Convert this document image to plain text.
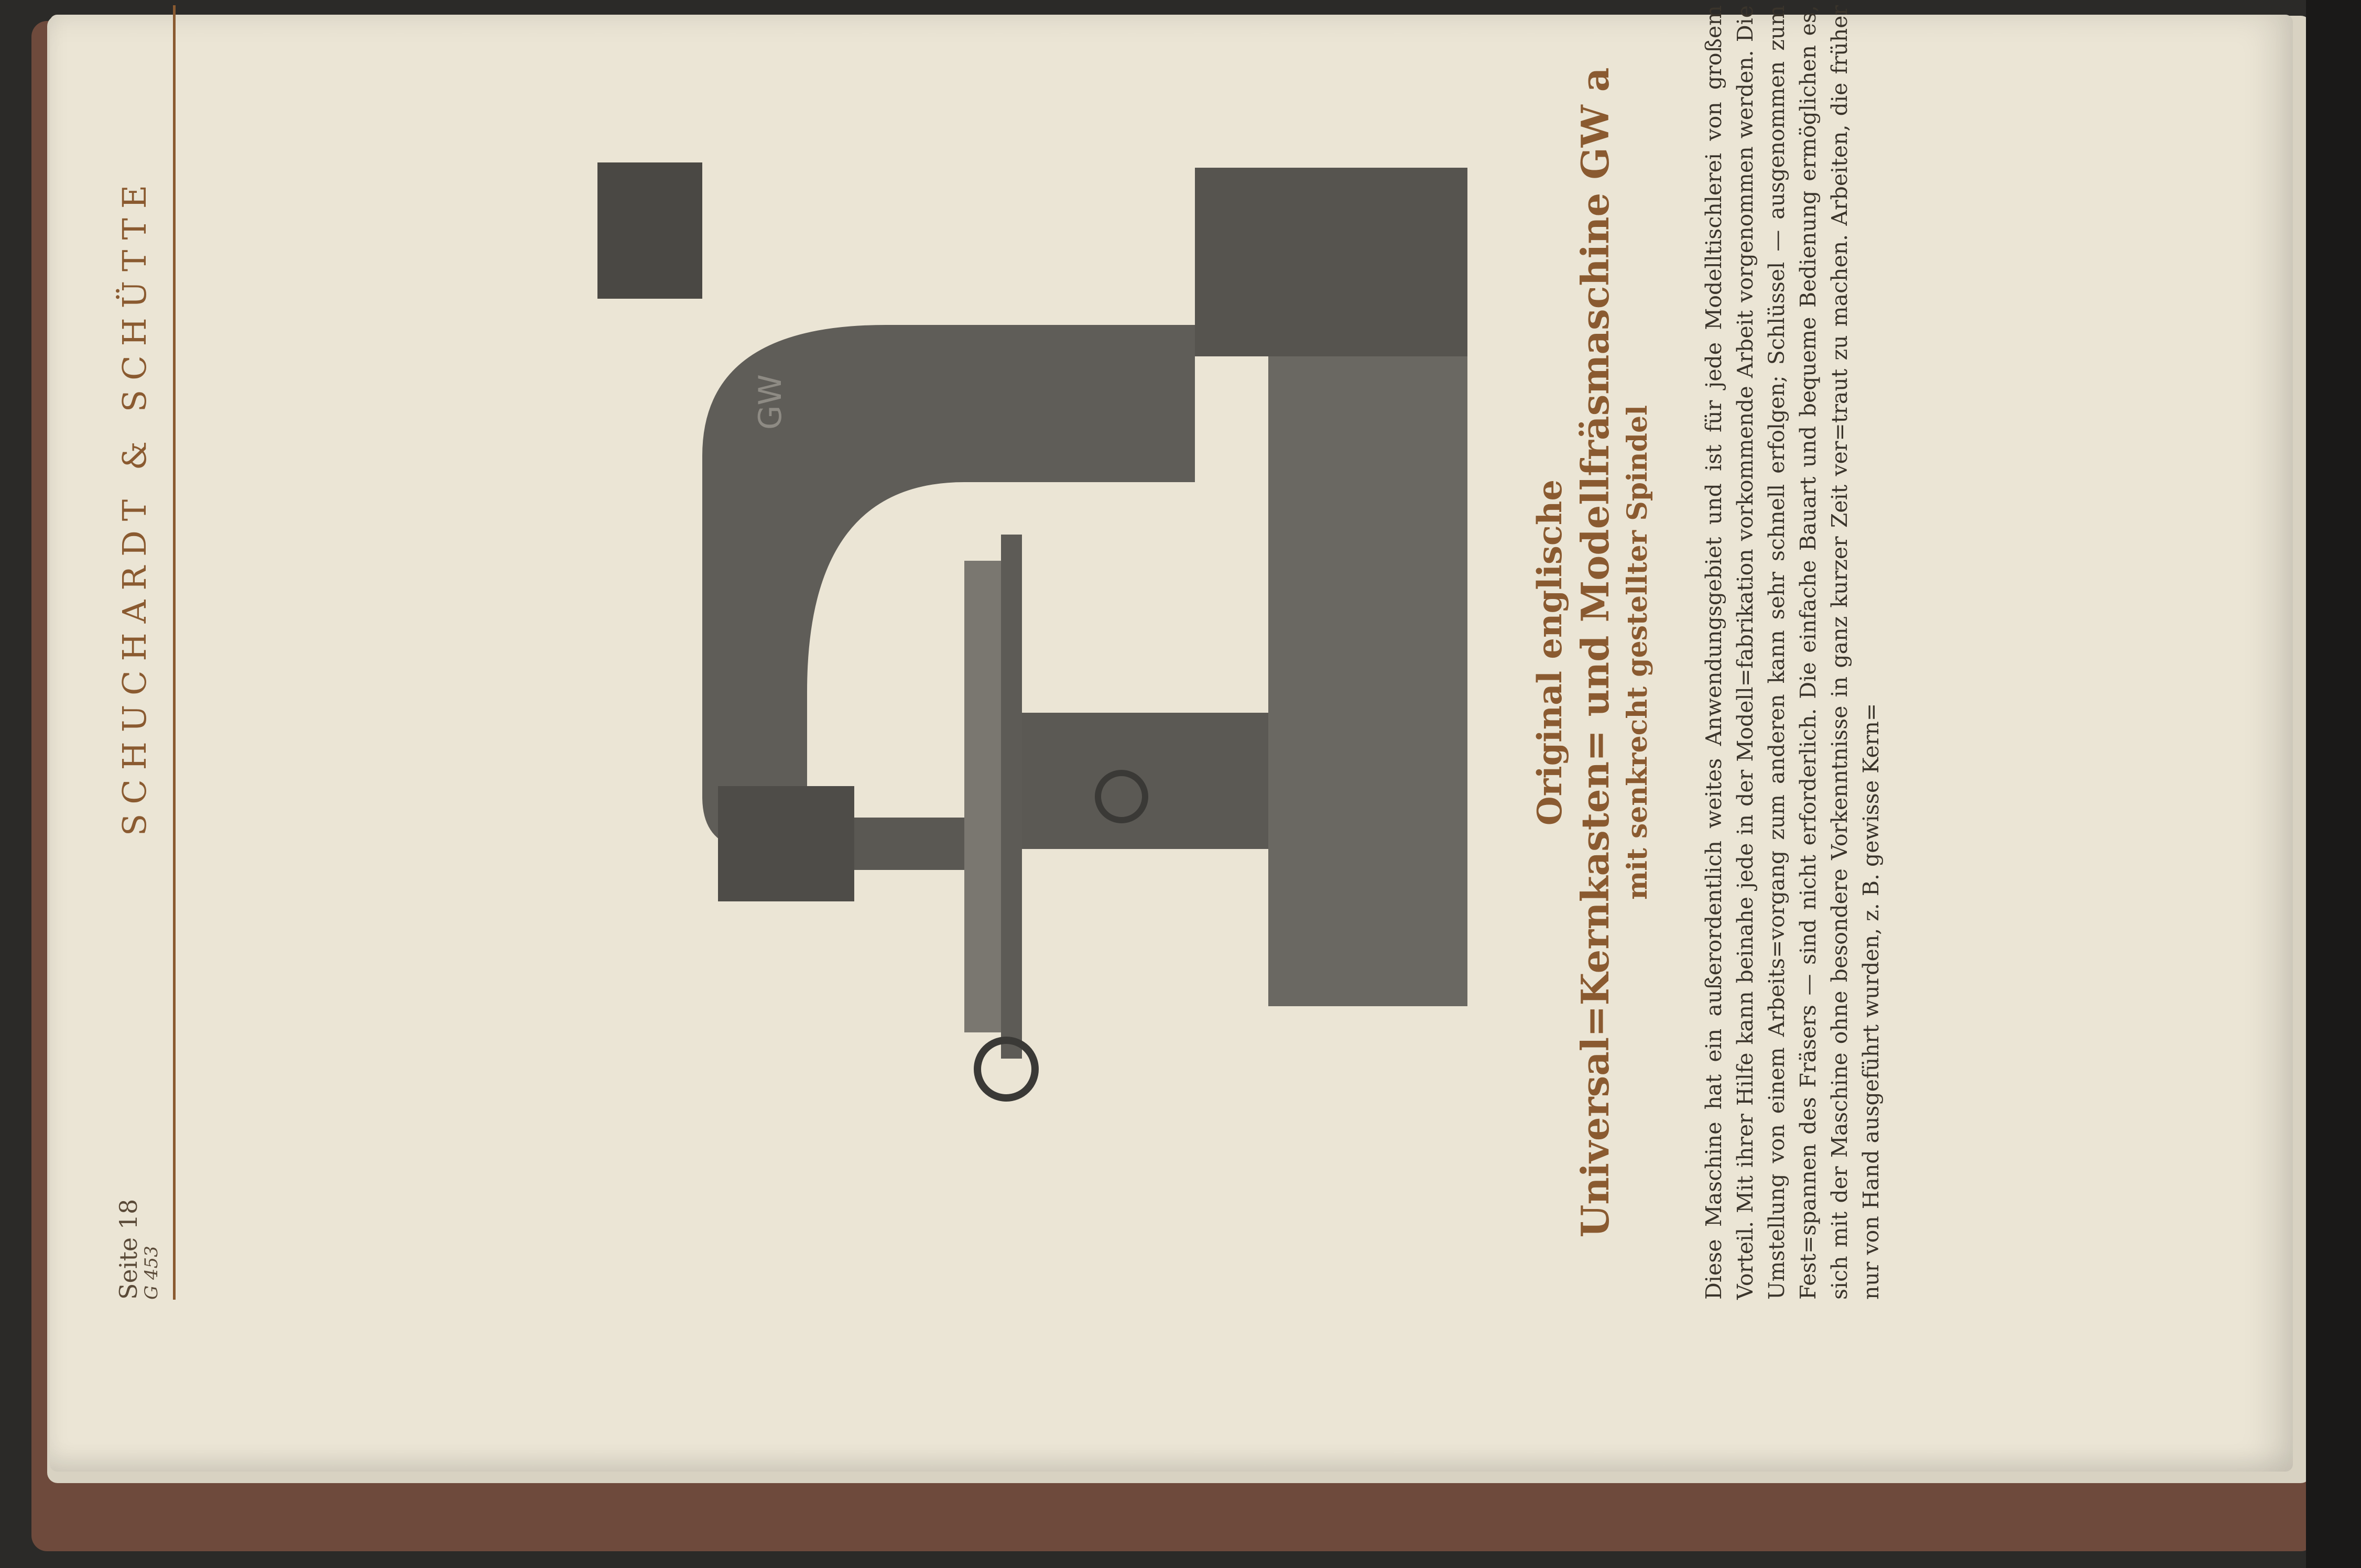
Seite 18
G 453
SCHUCHARDT & SCHÜTTE	GW
Original englische Universal=Kernkasten= und Modellfräsmaschine GW a mit senkrecht gestellter Spindel Diese Maschine hat ein außerordentlich weites Anwendungsgebiet und ist für jede Modelltischlerei von großem Vorteil. Mit ihrer Hilfe kann beinahe jede in der Modell=fabrikation vorkommende Arbeit vorgenommen werden. Die Umstellung von einem Arbeits=vorgang zum anderen kann sehr schnell erfolgen; Schlüssel — ausgenommen zum Fest=spannen des Fräsers — sind nicht erforderlich. Die einfache Bauart und bequeme Bedienung ermöglichen es, sich mit der Maschine ohne besondere Vorkenntnisse in ganz kurzer Zeit ver=traut zu machen. Arbeiten, die früher nur von Hand ausgeführt wurden, z. B. gewisse Kern=
